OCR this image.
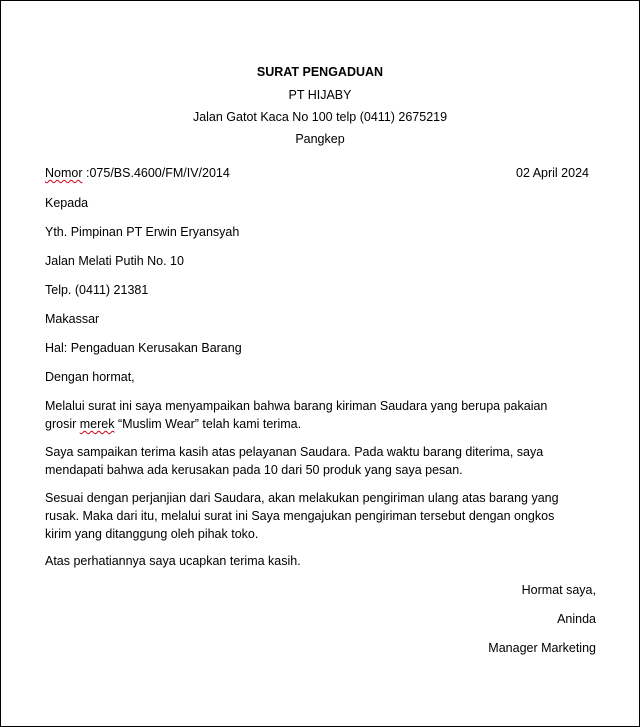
SURAT PENGADUAN
PT HIJABY
Jalan Gatot Kaca No 100 telp (0411) 2675219
Pangkep
Nomor :075/BS.4600/FM/IV/2014	02 April 2024
Kepada
Yth. Pimpinan PT Erwin Eryansyah
Jalan Melati Putih No. 10
Telp. (0411) 21381
Makassar
Hal: Pengaduan Kerusakan Barang
Dengan hormat,
Melalui surat ini saya menyampaikan bahwa barang kiriman Saudara yang berupa pakaian
grosir merek “Muslim Wear” telah kami terima.
Saya sampaikan terima kasih atas pelayanan Saudara. Pada waktu barang diterima, saya
mendapati bahwa ada kerusakan pada 10 dari 50 produk yang saya pesan.
Sesuai dengan perjanjian dari Saudara, akan melakukan pengiriman ulang atas barang yang
rusak. Maka dari itu, melalui surat ini Saya mengajukan pengiriman tersebut dengan ongkos
kirim yang ditanggung oleh pihak toko.
Atas perhatiannya saya ucapkan terima kasih.
Hormat saya,
Aninda
Manager Marketing
